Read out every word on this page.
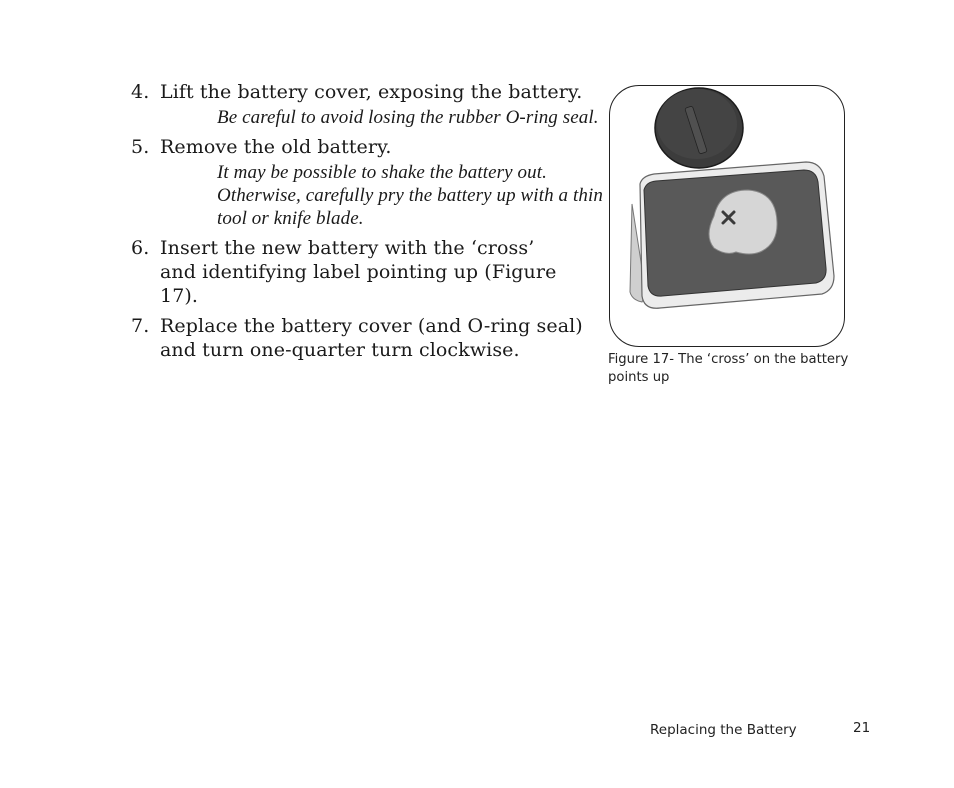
4. Lift the battery cover, exposing the battery.
Be careful to avoid losing the rubber O-ring seal.
5. Remove the old battery.
It may be possible to shake the battery out. Otherwise, carefully pry the battery up with a thin tool or knife blade.
6. Insert the new battery with the ‘cross’ and identifying label pointing up (Figure 17).
7. Replace the battery cover (and O-ring seal) and turn one-quarter turn clockwise.	Figure 17- The ‘cross’ on the battery points up
Replacing the Battery	21
